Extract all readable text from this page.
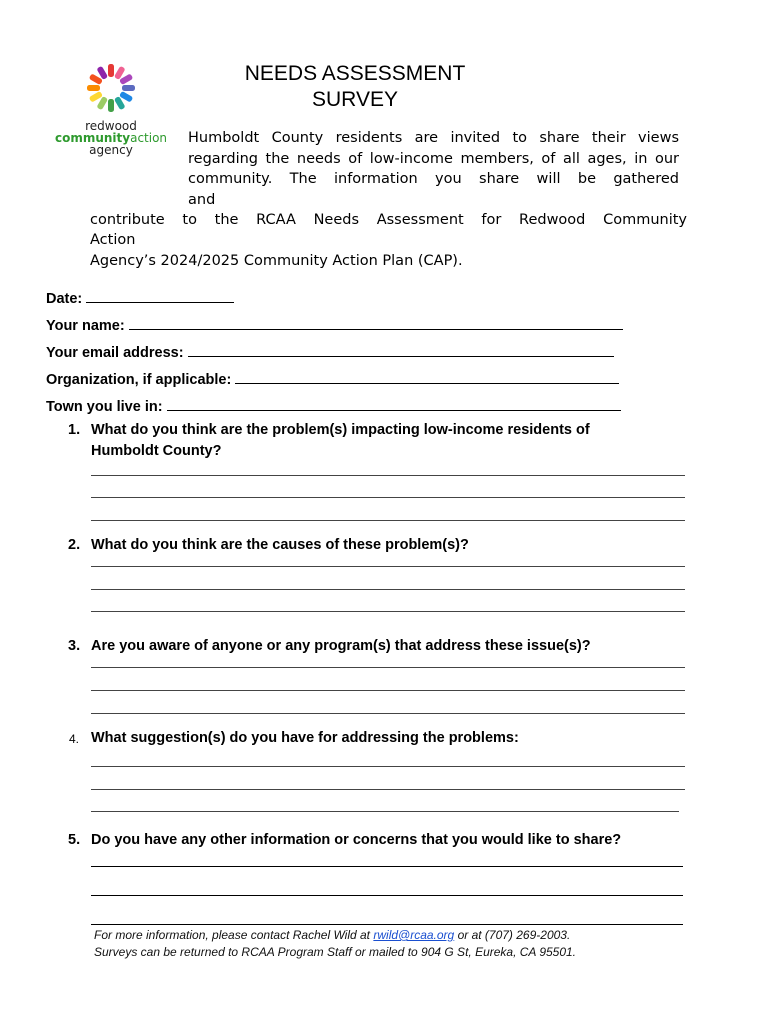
redwood
communityaction
agency
NEEDS ASSESSMENT
SURVEY
Humboldt County residents are invited to share their views
regarding the needs of low-income members, of all ages, in our
community. The information you share will be gathered
and
contribute to the RCAA Needs Assessment for Redwood Community
Action
Agency’s 2024/2025 Community Action Plan (CAP).
Date:
Your name:
Your email address:
Organization, if applicable:
Town you live in:
1. What do you think are the problem(s) impacting low-income residents of
Humboldt County?
2. What do you think are the causes of these problem(s)?
3. Are you aware of anyone or any program(s) that address these issue(s)?
4. What suggestion(s) do you have for addressing the problems:
5. Do you have any other information or concerns that you would like to share?
For more information, please contact Rachel Wild at rwild@rcaa.org or at (707) 269-2003.
Surveys can be returned to RCAA Program Staff or mailed to 904 G St, Eureka, CA 95501.
